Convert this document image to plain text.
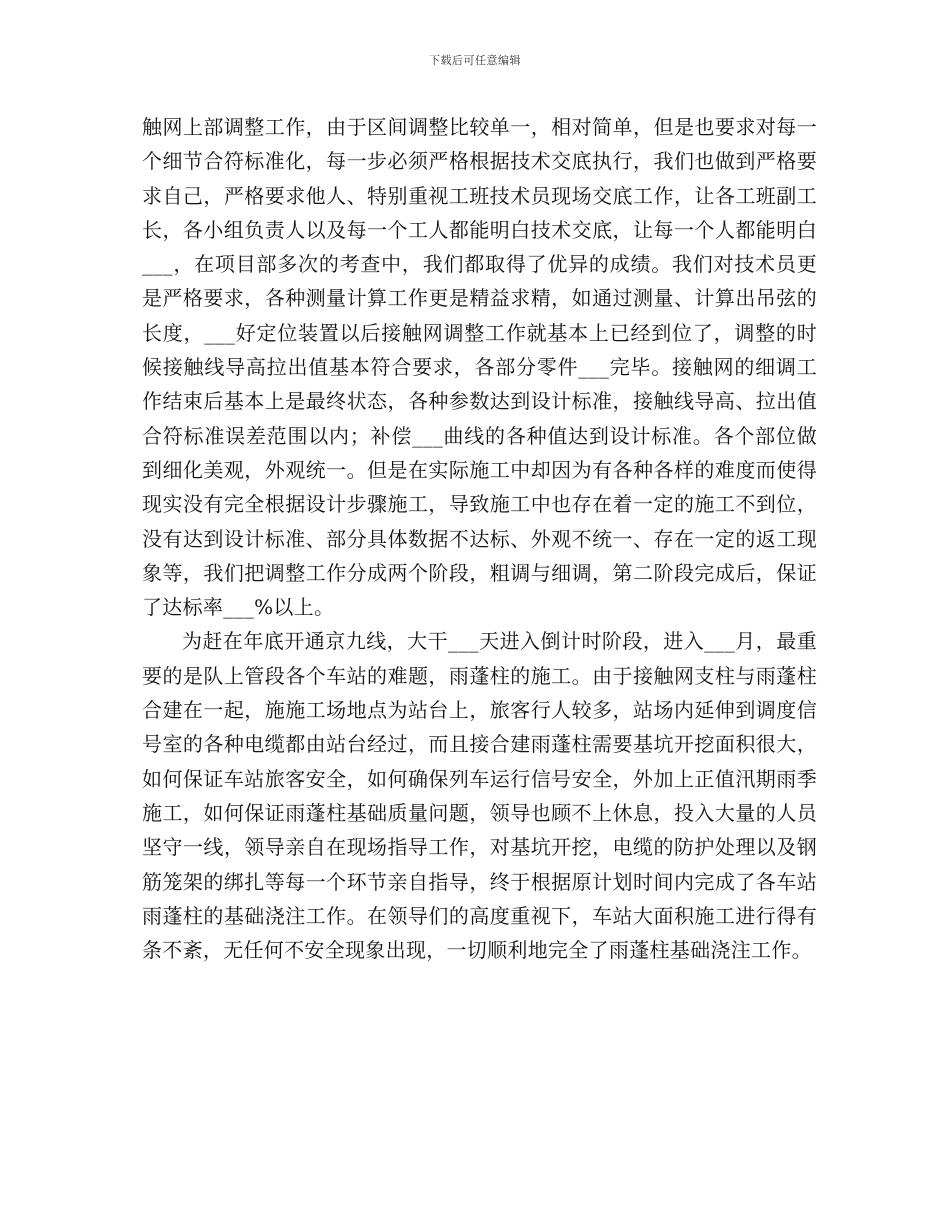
下载后可任意编辑

触网上部调整工作，由于区间调整比较单一，相对简单，但是也要求对每一个细节合符标准化，每一步必须严格根据技术交底执行，我们也做到严格要求自己，严格要求他人、特别重视工班技术员现场交底工作，让各工班副工长，各小组负责人以及每一个工人都能明白技术交底，让每一个人都能明白___，在项目部多次的考查中，我们都取得了优异的成绩。我们对技术员更是严格要求，各种测量计算工作更是精益求精，如通过测量、计算出吊弦的长度，___好定位装置以后接触网调整工作就基本上已经到位了，调整的时候接触线导高拉出值基本符合要求，各部分零件___完毕。接触网的细调工作结束后基本上是最终状态，各种参数达到设计标准，接触线导高、拉出值合符标准误差范围以内；补偿___曲线的各种值达到设计标准。各个部位做到细化美观，外观统一。但是在实际施工中却因为有各种各样的难度而使得现实没有完全根据设计步骤施工，导致施工中也存在着一定的施工不到位，没有达到设计标准、部分具体数据不达标、外观不统一、存在一定的返工现象等，我们把调整工作分成两个阶段，粗调与细调，第二阶段完成后，保证了达标率___%以上。

为赶在年底开通京九线，大干___天进入倒计时阶段，进入___月，最重要的是队上管段各个车站的难题，雨蓬柱的施工。由于接触网支柱与雨蓬柱合建在一起，施施工场地点为站台上，旅客行人较多，站场内延伸到调度信号室的各种电缆都由站台经过，而且接合建雨蓬柱需要基坑开挖面积很大，如何保证车站旅客安全，如何确保列车运行信号安全，外加上正值汛期雨季施工，如何保证雨蓬柱基础质量问题，领导也顾不上休息，投入大量的人员坚守一线，领导亲自在现场指导工作，对基坑开挖，电缆的防护处理以及钢筋笼架的绑扎等每一个环节亲自指导，终于根据原计划时间内完成了各车站雨蓬柱的基础浇注工作。在领导们的高度重视下，车站大面积施工进行得有条不紊，无任何不安全现象出现，一切顺利地完全了雨蓬柱基础浇注工作。
